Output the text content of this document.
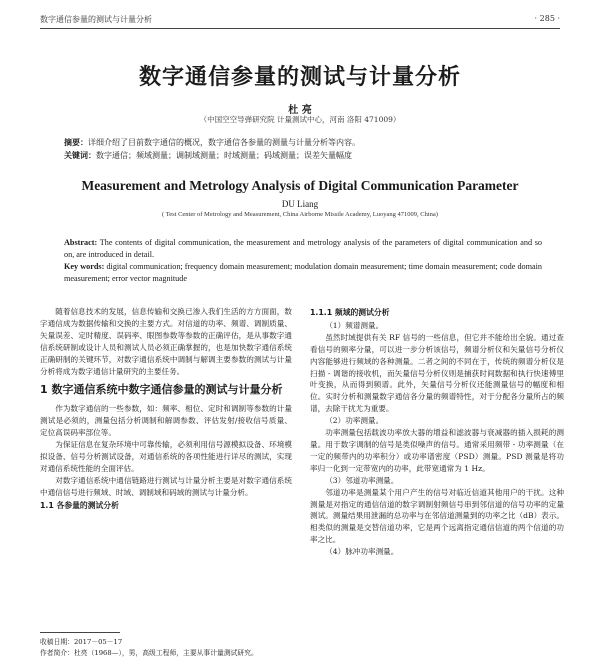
数字通信参量的测试与计量分析	· 285 ·
数字通信参量的测试与计量分析
杜 亮
（中国空空导弹研究院 计量测试中心，河南 洛阳 471009）
摘要：详细介绍了目前数字通信的概况，数字通信各参量的测量与计量分析等内容。
关键词：数字通信；频域测量；调制域测量；时域测量；码域测量；误差矢量幅度
Measurement and Metrology Analysis of Digital Communication Parameter
DU Liang
( Test Center of Metrology and Measurement, China Airborne Missile Academy, Luoyang 471009, China)

Abstract: The contents of digital communication, the measurement and metrology analysis of the parameters of digital communication and so on, are introduced in detail.

Key words: digital communication; frequency domain measurement; modulation domain measurement; time domain measurement; code domain measurement; error vector magnitude

随着信息技术的发展，信息传输和交换已渗入我们生活的方方面面，数字通信成为数据传输和交换的主要方式。对信道的功率、频谱、调制质量、矢量误差、定时精度、误码率、眼图参数等参数的正确评估，是从事数字通信系统研制或设计人员和测试人员必须正确掌握的，也是加快数字通信系统正确研制的关键环节，对数字通信系统中调制与解调主要参数的测试与计量分析将成为数字通信计量研究的主要任务。

1 数字通信系统中数字通信参量的测试与计量分析

作为数字通信的一些参数，如：频率、相位、定时和调制等参数的计量测试是必须的，测量包括分析调制和解调参数、评估发射/接收信号质量、定位高误码率部位等。

为保证信息在复杂环境中可靠传输，必须利用信号源模拟设备、环境模拟设备、信号分析测试设备，对通信系统的各项性能进行详尽的测试，实现对通信系统性能的全面评估。

对数字通信系统中通信链路进行测试与计量分析主要是对数字通信系统中通信信号进行频域、时域、调制域和码域的测试与计量分析。

1.1 各参量的测试分析
1.1.1 频域的测试分析

（1）频谱测量。

虽然时域提供有关 RF 信号的一些信息，但它并不能给出全貌。通过查看信号的频率分量，可以进一步分析该信号，频谱分析仪和矢量信号分析仪内容能够进行频域的各种测量。二者之间的不同在于，传统的频谱分析仪是扫描 - 调谐的接收机，而矢量信号分析仪则是捕获时间数据和执行快速傅里叶变换，从而得到频谱。此外，矢量信号分析仪还能测量信号的幅度和相位。实时分析和测量数字通信各分量的频谱特性，对于分配各分量所占的频谱，去除干扰尤为重要。

（2）功率测量。

功率测量包括载波功率放大器的增益和滤波器与衰减器的插入损耗的测量。用于数字调制的信号是类似噪声的信号。通常采用频带 - 功率测量（在一定的频带内的功率积分）或功率谱密度（PSD）测量。PSD 测量是将功率归一化到一定带宽内的功率，此带宽通常为 1 Hz。

（3）邻道功率测量。

邻道功率是测量某个用户产生的信号对临近信道其他用户的干扰。这种测量是对指定的通信信道的数字调制射频信号串到邻信道的信号功率的定量测试。测量结果用泄漏的总功率与在邻信道测量到的功率之比（dB）表示。相类似的测量是交替信道功率，它是两个远离指定通信信道的两个信道的功率之比。

（4）脉冲功率测量。

收稿日期：2017－05－17
作者简介：杜亮（1968—），男，高级工程师，主要从事计量测试研究。
